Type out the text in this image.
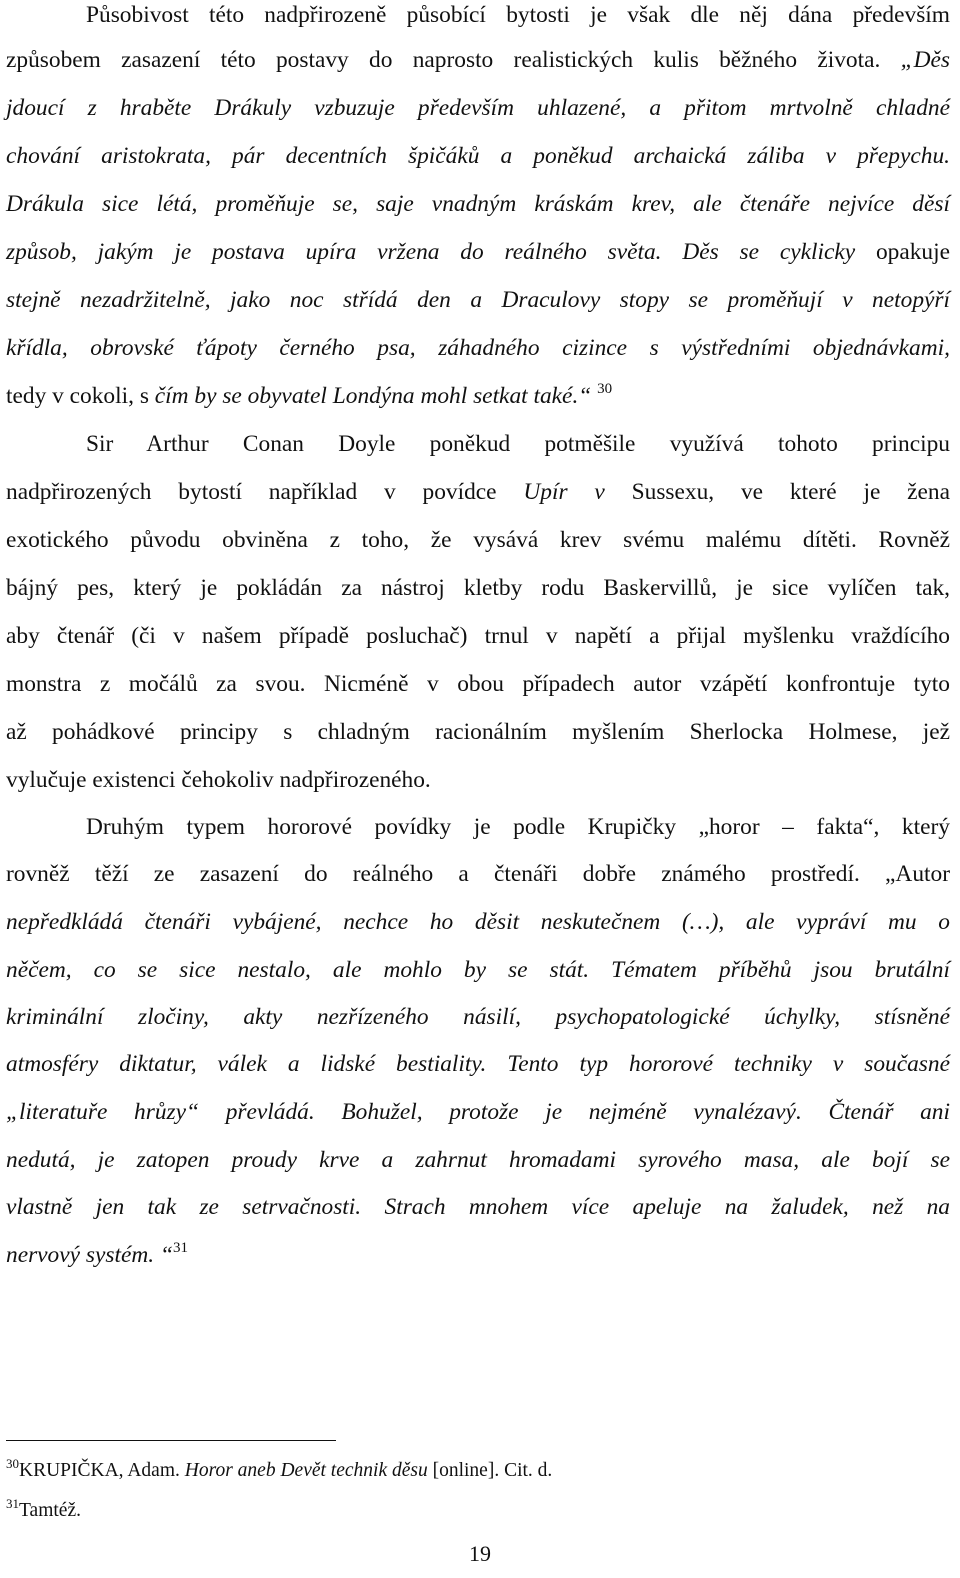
Působivost této nadpřirozeně působící bytosti je však dle něj dána především
způsobem zasazení této postavy do naprosto realistických kulis běžného života. „Děs
jdoucí z hraběte Drákuly vzbuzuje především uhlazené, a přitom mrtvolně chladné
chování aristokrata, pár decentních špičáků a poněkud archaická záliba v přepychu.
Drákula sice létá, proměňuje se, saje vnadným kráskám krev, ale čtenáře nejvíce děsí
způsob, jakým je postava upíra vržena do reálného světa. Děs se cyklicky opakuje
stejně nezadržitelně, jako noc střídá den a Draculovy stopy se proměňují v netopýří
křídla, obrovské ťápoty černého psa, záhadného cizince s výstředními objednávkami,
tedy v cokoli, s čím by se obyvatel Londýna mohl setkat také.“ $^{30}$
Sir Arthur Conan Doyle poněkud potměšile využívá tohoto principu
nadpřirozených bytostí například v povídce Upír v Sussexu, ve které je žena
exotického původu obviněna z toho, že vysává krev svému malému dítěti. Rovněž
bájný pes, který je pokládán za nástroj kletby rodu Baskervillů, je sice vylíčen tak,
aby čtenář (či v našem případě posluchač) trnul v napětí a přijal myšlenku vraždícího
monstra z močálů za svou. Nicméně v obou případech autor vzápětí konfrontuje tyto
až pohádkové principy s chladným racionálním myšlením Sherlocka Holmese, jež
vylučuje existenci čehokoliv nadpřirozeného.
Druhým typem hororové povídky je podle Krupičky „horor – fakta“, který
rovněž těží ze zasazení do reálného a čtenáři dobře známého prostředí. „Autor
nepředkládá čtenáři vybájené, nechce ho děsit neskutečnem (…), ale vypráví mu o
něčem, co se sice nestalo, ale mohlo by se stát. Tématem příběhů jsou brutální
kriminální zločiny, akty nezřízeného násilí, psychopatologické úchylky, stísněné
atmosféry diktatur, válek a lidské bestiality. Tento typ hororové techniky v současné
„literatuře hrůzy“ převládá. Bohužel, protože je nejméně vynalézavý. Čtenář ani
nedutá, je zatopen proudy krve a zahrnut hromadami syrového masa, ale bojí se
vlastně jen tak ze setrvačnosti. Strach mnohem více apeluje na žaludek, než na
nervový systém. “$^{31}$
$^{30}$KRUPIČKA, Adam. Horor aneb Devět technik děsu [online]. Cit. d.
$^{31}$Tamtéž.
19
